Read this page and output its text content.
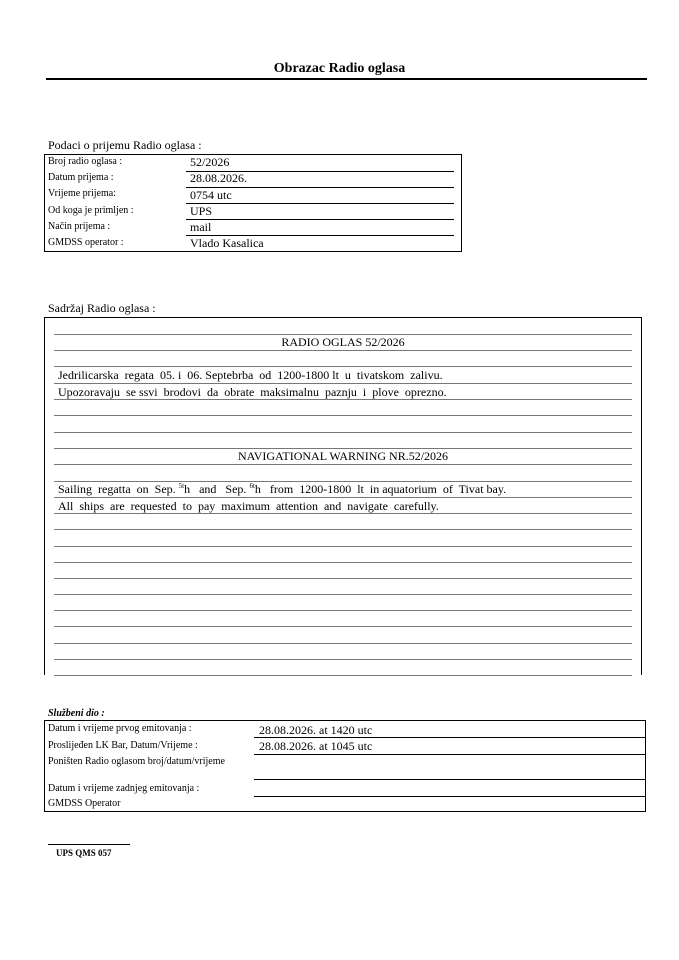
Obrazac Radio oglasa
Podaci o prijemu Radio oglasa :
Broj radio oglasa :	52/2026
Datum prijema :	28.08.2026.
Vrijeme prijema:	0754 utc
Od koga je primljen :	UPS
Način prijema :	mail
GMDSS operator :	Vlado Kasalica
Sadržaj Radio oglasa :
RADIO OGLAS 52/2026
Jedrilicarska  regata  05. i  06. Septebrba  od  1200-1800 lt  u  tivatskom  zalivu.
Upozoravaju  se ssvi  brodovi  da  obrate  maksimalnu  paznju  i  plove  oprezno.
NAVIGATIONAL WARNING NR.52/2026
Sailing  regatta  on  Sep. $^{5t}$h   and   Sep. $^{6t}$h   from  1200-1800  lt  in aquatorium  of  Tivat bay.
All  ships  are  requested  to  pay  maximum  attention  and  navigate  carefully.
Službeni dio :
Datum i vrijeme prvog emitovanja :	28.08.2026. at 1420 utc
Proslijeđen LK Bar, Datum/Vrijeme :	28.08.2026. at 1045 utc
Poništen Radio oglasom broj/datum/vrijeme
Datum i vrijeme zadnjeg emitovanja :
GMDSS Operator
UPS QMS 057
